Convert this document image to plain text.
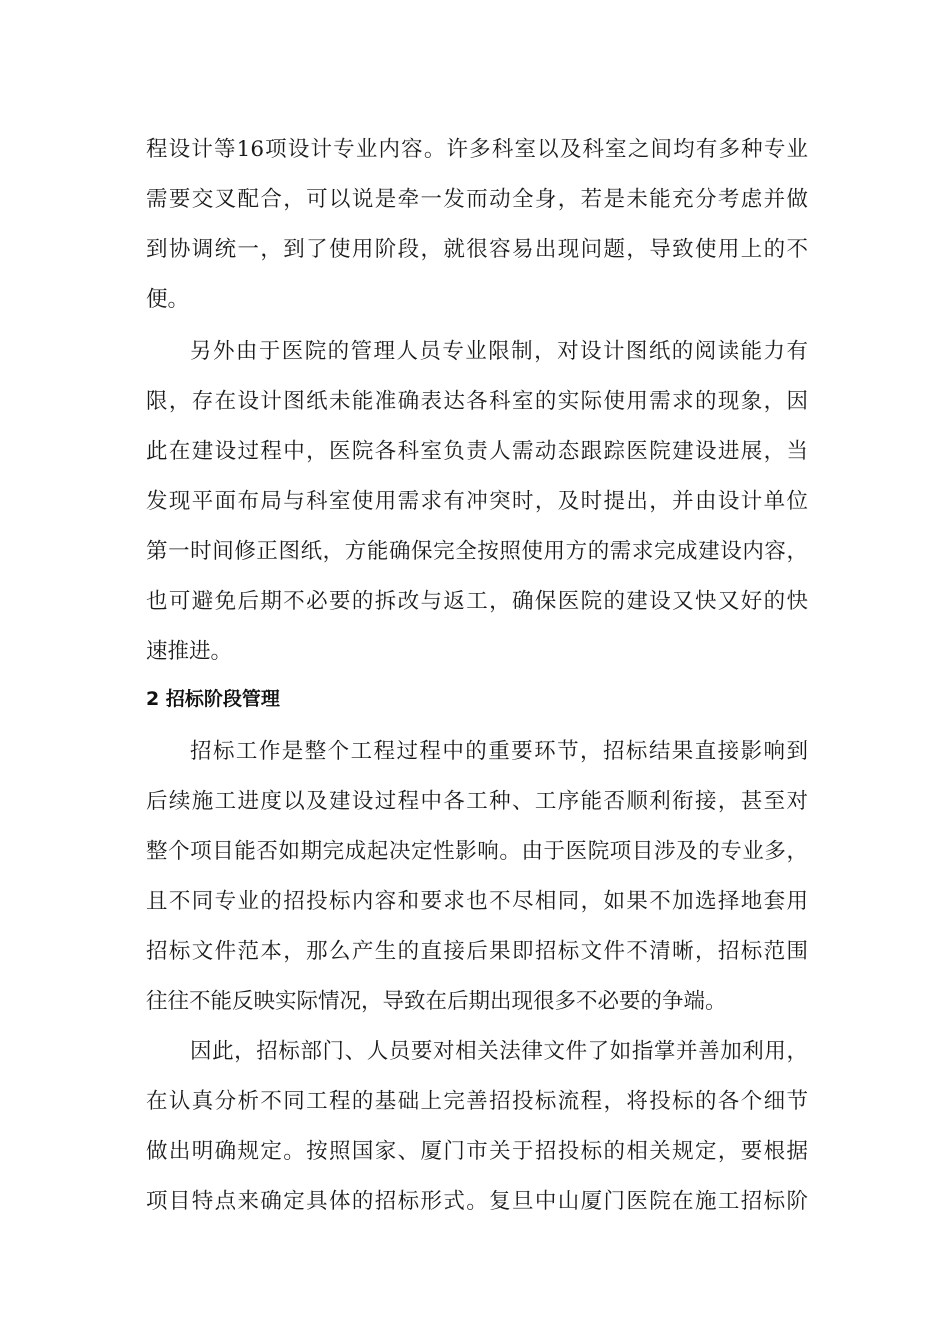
程设计等16项设计专业内容。许多科室以及科室之间均有多种专业
需要交叉配合，可以说是牵一发而动全身，若是未能充分考虑并做
到协调统一，到了使用阶段，就很容易出现问题，导致使用上的不
便。
另外由于医院的管理人员专业限制，对设计图纸的阅读能力有
限，存在设计图纸未能准确表达各科室的实际使用需求的现象，因
此在建设过程中，医院各科室负责人需动态跟踪医院建设进展，当
发现平面布局与科室使用需求有冲突时，及时提出，并由设计单位
第一时间修正图纸，方能确保完全按照使用方的需求完成建设内容，
也可避免后期不必要的拆改与返工，确保医院的建设又快又好的快
速推进。
2 招标阶段管理
招标工作是整个工程过程中的重要环节，招标结果直接影响到
后续施工进度以及建设过程中各工种、工序能否顺利衔接，甚至对
整个项目能否如期完成起决定性影响。由于医院项目涉及的专业多，
且不同专业的招投标内容和要求也不尽相同，如果不加选择地套用
招标文件范本，那么产生的直接后果即招标文件不清晰，招标范围
往往不能反映实际情况，导致在后期出现很多不必要的争端。
因此，招标部门、人员要对相关法律文件了如指掌并善加利用，
在认真分析不同工程的基础上完善招投标流程，将投标的各个细节
做出明确规定。按照国家、厦门市关于招投标的相关规定，要根据
项目特点来确定具体的招标形式。复旦中山厦门医院在施工招标阶
